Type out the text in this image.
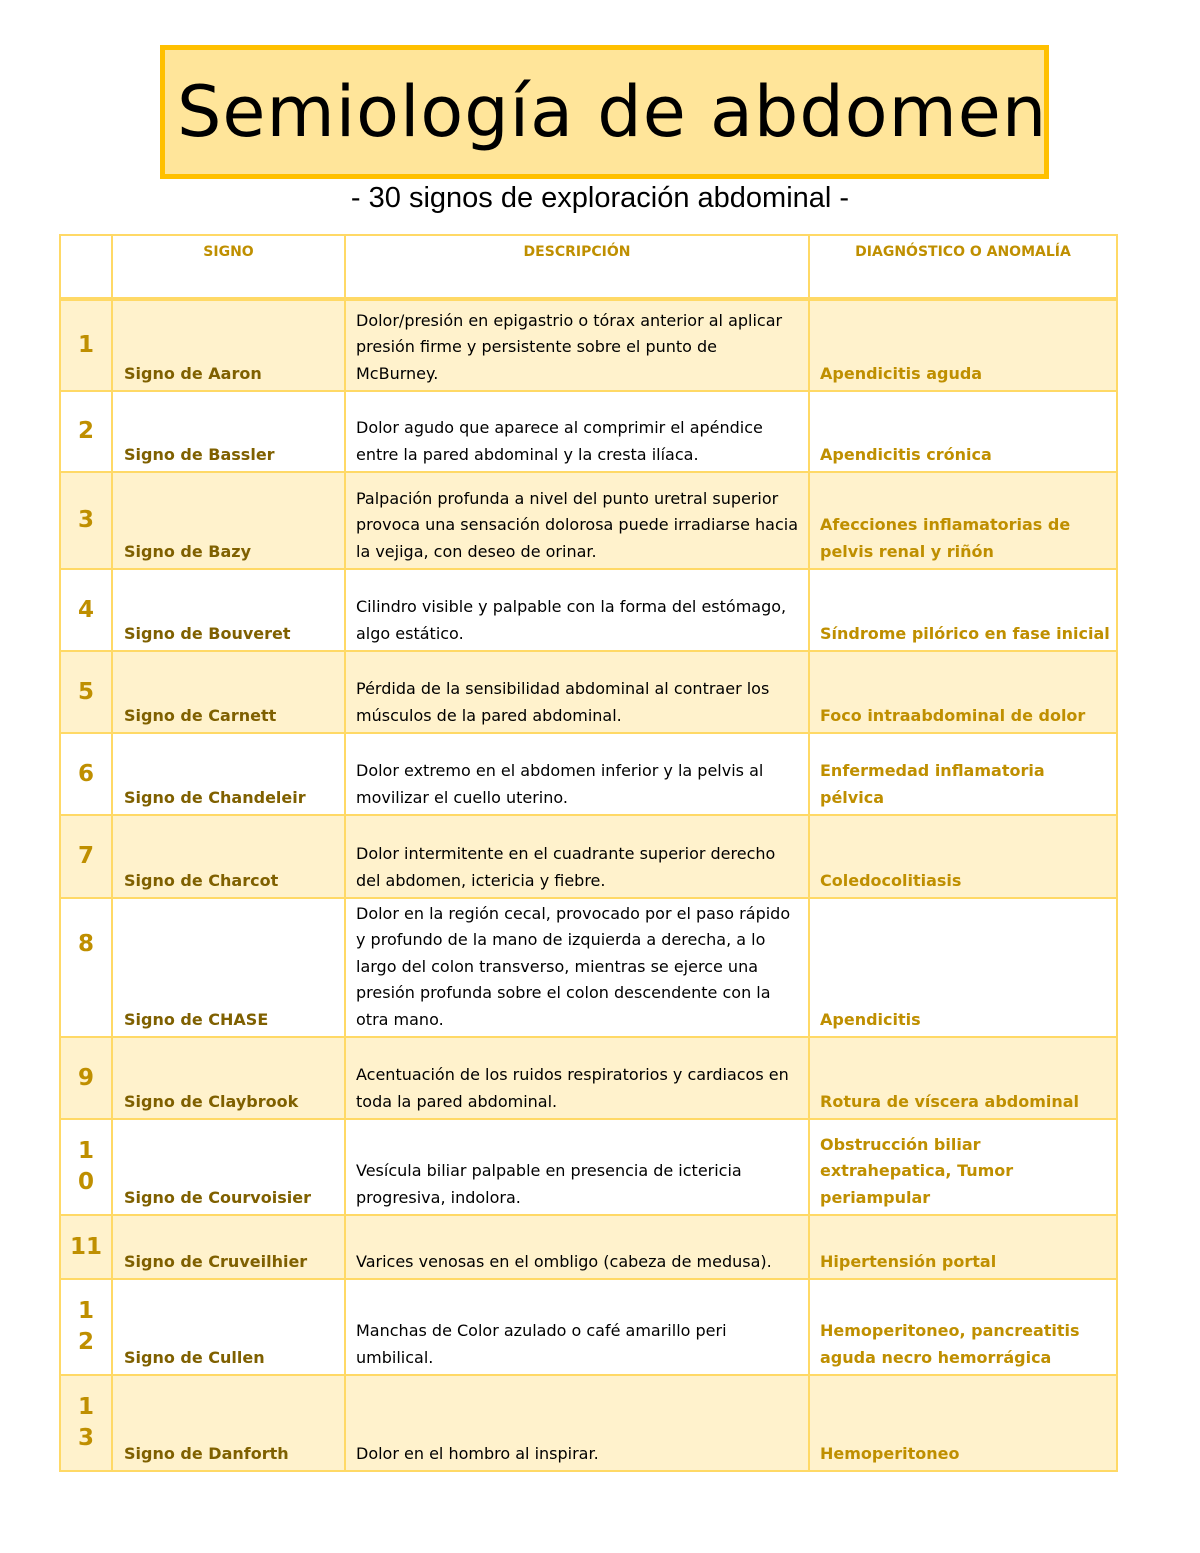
Semiología de abdomen
- 30 signos de exploración abdominal -
	SIGNO	DESCRIPCIÓN	DIAGNÓSTICO O ANOMALÍA
1	Signo de Aaron	Dolor/presión en epigastrio o tórax anterior al aplicar presión firme y persistente sobre el punto de McBurney.	Apendicitis aguda
2	Signo de Bassler	Dolor agudo que aparece al comprimir el apéndice entre la pared abdominal y la cresta ilíaca.	Apendicitis crónica
3	Signo de Bazy	Palpación profunda a nivel del punto uretral superior provoca una sensación dolorosa puede irradiarse hacia la vejiga, con deseo de orinar.	Afecciones inflamatorias de pelvis renal y riñón
4	Signo de Bouveret	Cilindro visible y palpable con la forma del estómago, algo estático.	Síndrome pilórico en fase inicial
5	Signo de Carnett	Pérdida de la sensibilidad abdominal al contraer los músculos de la pared abdominal.	Foco intraabdominal de dolor
6	Signo de Chandeleir	Dolor extremo en el abdomen inferior y la pelvis al movilizar el cuello uterino.	Enfermedad inflamatoria pélvica
7	Signo de Charcot	Dolor intermitente en el cuadrante superior derecho del abdomen, ictericia y fiebre.	Coledocolitiasis
8	Signo de CHASE	Dolor en la región cecal, provocado por el paso rápido y profundo de la mano de izquierda a derecha, a lo largo del colon transverso, mientras se ejerce una presión profunda sobre el colon descendente con la otra mano.	Apendicitis
9	Signo de Claybrook	Acentuación de los ruidos respiratorios y cardiacos en toda la pared abdominal.	Rotura de víscera abdominal
10	Signo de Courvoisier	Vesícula biliar palpable en presencia de ictericia progresiva, indolora.	Obstrucción biliar extrahepatica, Tumor periampular
11	Signo de Cruveilhier	Varices venosas en el ombligo (cabeza de medusa).	Hipertensión portal
12	Signo de Cullen	Manchas de Color azulado o café amarillo peri umbilical.	Hemoperitoneo, pancreatitis aguda necro hemorrágica
13	Signo de Danforth	Dolor en el hombro al inspirar.	Hemoperitoneo
